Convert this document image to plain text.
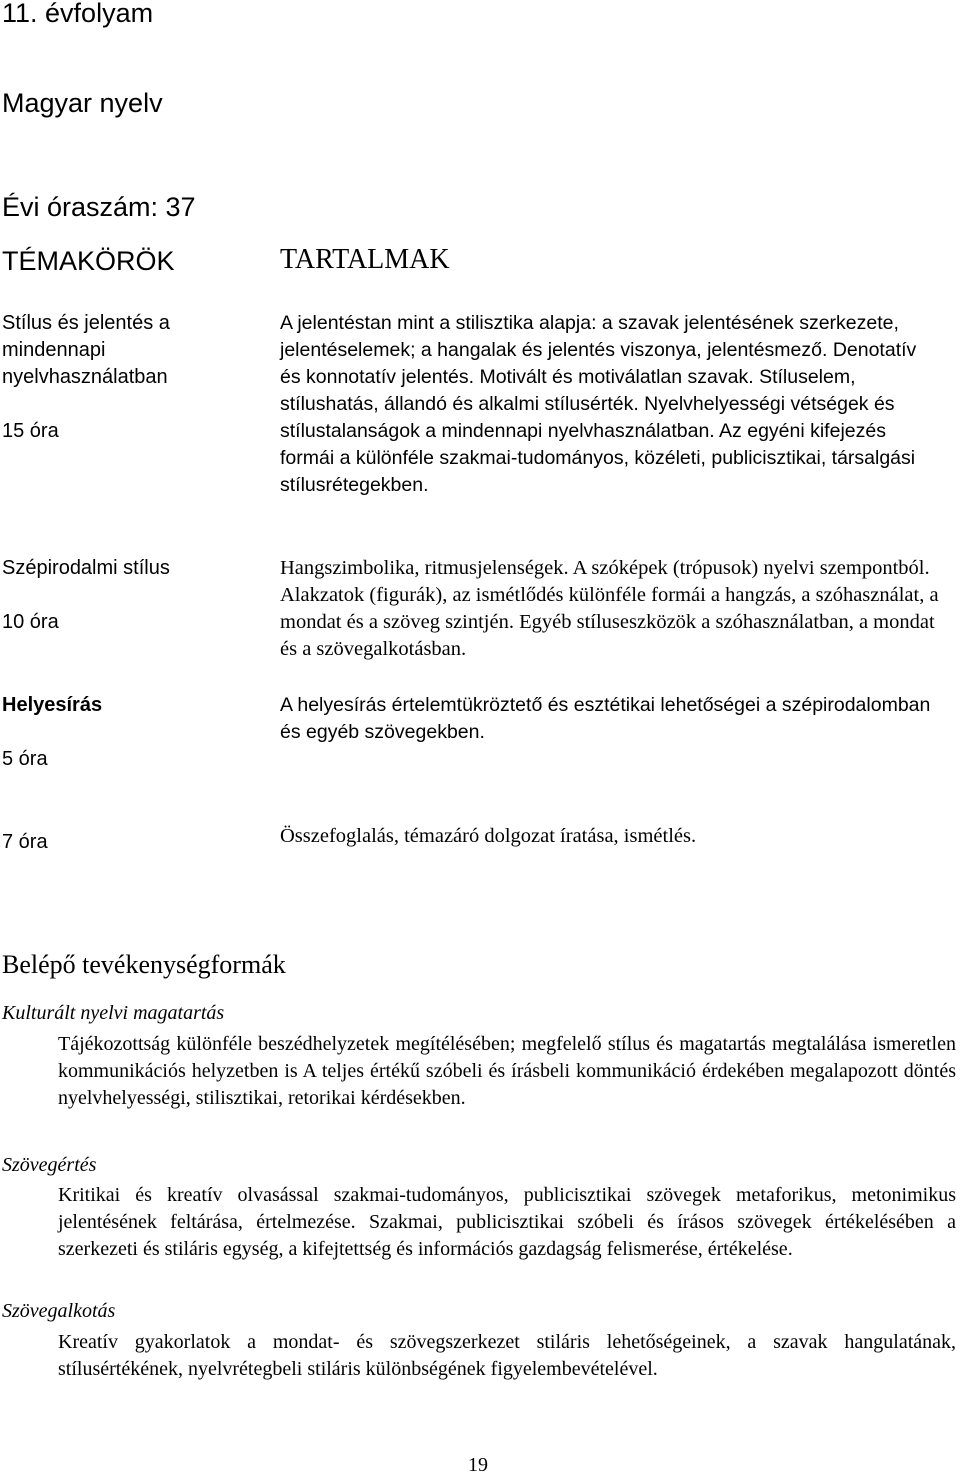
11. évfolyam
Magyar nyelv
Évi óraszám: 37
TÉMAKÖRÖK	TARTALMAK
Stílus és jelentés a mindennapi nyelvhasználatban
15 óra
A jelentéstan mint a stilisztika alapja: a szavak jelentésének szerkezete, jelentéselemek; a hangalak és jelentés viszonya, jelentésmező. Denotatív és konnotatív jelentés. Motivált és motiválatlan szavak. Stíluselem, stílushatás, állandó és alkalmi stílusérték. Nyelvhelyességi vétségek és stílustalanságok a mindennapi nyelvhasználatban. Az egyéni kifejezés formái a különféle szakmai-tudományos, közéleti, publicisztikai, társalgási stílusrétegekben.
Szépirodalmi stílus
10 óra
Hangszimbolika, ritmusjelenségek. A szóképek (trópusok) nyelvi szempontból. Alakzatok (figurák), az ismétlődés különféle formái a hangzás, a szóhasználat, a mondat és a szöveg szintjén. Egyéb stíluseszközök a szóhasználatban, a mondat és a szövegalkotásban.
Helyesírás
5 óra
A helyesírás értelemtükröztető és esztétikai lehetőségei a szépirodalomban és egyéb szövegekben.
7 óra	Összefoglalás, témazáró dolgozat íratása, ismétlés.
Belépő tevékenységformák
Kulturált nyelvi magatartás
Tájékozottság különféle beszédhelyzetek megítélésében; megfelelő stílus és magatartás megtalálása ismeretlen kommunikációs helyzetben is A teljes értékű szóbeli és írásbeli kommunikáció érdekében megalapozott döntés nyelvhelyességi, stilisztikai, retorikai kérdésekben.
Szövegértés
Kritikai és kreatív olvasással szakmai-tudományos, publicisztikai szövegek metaforikus, metonimikus jelentésének feltárása, értelmezése. Szakmai, publicisztikai szóbeli és írásos szövegek értékelésében a szerkezeti és stiláris egység, a kifejtettség és információs gazdagság felismerése, értékelése.
Szövegalkotás
Kreatív gyakorlatok a mondat- és szövegszerkezet stiláris lehetőségeinek, a szavak hangulatának, stílusértékének, nyelvrétegbeli stiláris különbségének figyelembevételével.
19
